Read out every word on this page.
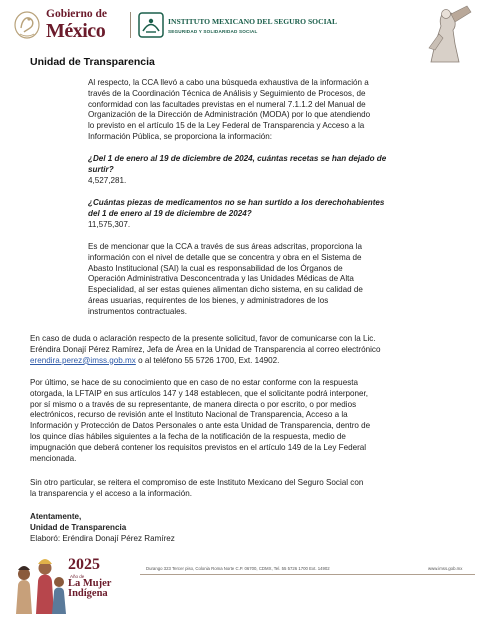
Gobierno de
México	INSTITUTO MEXICANO DEL SEGURO SOCIAL
SEGURIDAD Y SOLIDARIDAD SOCIAL
Unidad de Transparencia
Al respecto, la CCA llevó a cabo una búsqueda exhaustiva de la información a
través de la Coordinación Técnica de Análisis y Seguimiento de Procesos, de
conformidad con las facultades previstas en el numeral 7.1.1.2 del Manual de
Organización de la Dirección de Administración (MODA) por lo que atendiendo
lo previsto en el artículo 15 de la Ley Federal de Transparencia y Acceso a la
Información Pública, se proporciona la información:
¿Del 1 de enero al 19 de diciembre de 2024, cuántas recetas se han dejado de
surtir?
4,527,281.
¿Cuántas piezas de medicamentos no se han surtido a los derechohabientes
del 1 de enero al 19 de diciembre de 2024?
11,575,307.
Es de mencionar que la CCA a través de sus áreas adscritas, proporciona la
información con el nivel de detalle que se concentra y obra en el Sistema de
Abasto Institucional (SAI) la cual es responsabilidad de los Órganos de
Operación Administrativa Desconcentrada y las Unidades Médicas de Alta
Especialidad, al ser estas quienes alimentan dicho sistema, en su calidad de
áreas usuarias, requirentes de los bienes, y administradores de los
instrumentos contractuales.
En caso de duda o aclaración respecto de la presente solicitud, favor de comunicarse con la Lic.
Eréndira Donají Pérez Ramírez, Jefa de Área en la Unidad de Transparencia al correo electrónico
erendira.perez@imss.gob.mx o al teléfono 55 5726 1700, Ext. 14902.
Por último, se hace de su conocimiento que en caso de no estar conforme con la respuesta
otorgada, la LFTAIP en sus artículos 147 y 148 establecen, que el solicitante podrá interponer,
por sí mismo o a través de su representante, de manera directa o por escrito, o por medios
electrónicos, recurso de revisión ante el Instituto Nacional de Transparencia, Acceso a la
Información y Protección de Datos Personales o ante esta Unidad de Transparencia, dentro de
los quince días hábiles siguientes a la fecha de la notificación de la respuesta, medio de
impugnación que deberá contener los requisitos previstos en el artículo 149 de la Ley Federal
mencionada.
Sin otro particular, se reitera el compromiso de este Instituto Mexicano del Seguro Social con
la transparencia y el acceso a la información.
Atentamente,
Unidad de Transparencia
Elaboró: Eréndira Donají Pérez Ramírez
2025
Año de
La Mujer
Indígena
Durango 323 Tercer piso, Colonia Roma Norte C.P. 06700, CDMX, Tel. 55 5726 1700 Ext. 14902	www.imss.gob.mx
